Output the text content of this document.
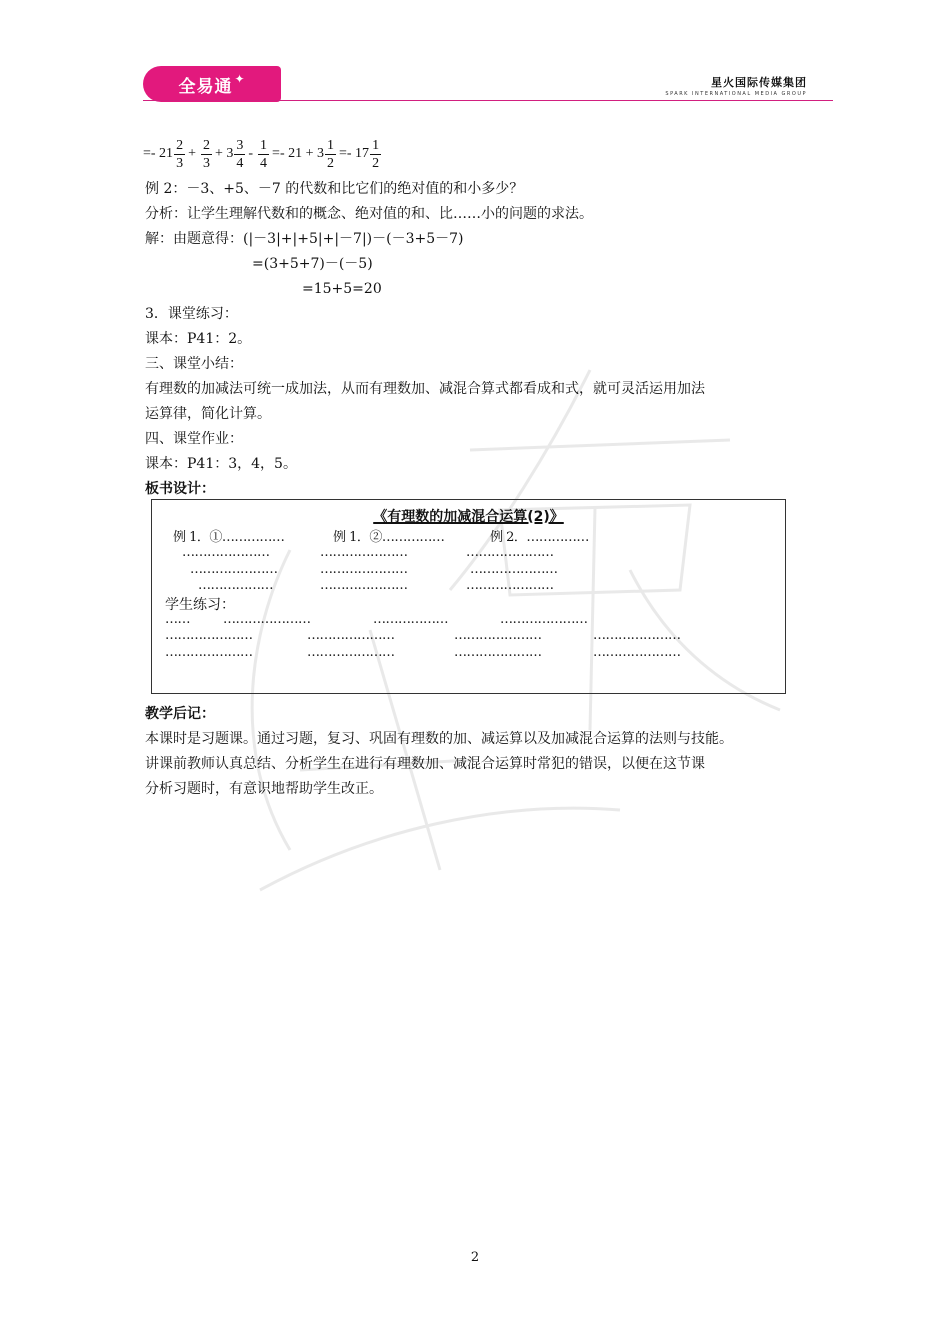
全易通 ✦	星火国际传媒集团
SPARK INTERNATIONAL MEDIA GROUP
=- $21 \frac{2}{3} + \frac{2}{3} + 3 \frac{3}{4} - \frac{1}{4} =- 21 + 3 \frac{1}{2} =- 17 \frac{1}{2}$
例 2：－3、+5、－7 的代数和比它们的绝对值的和小多少？
分析：让学生理解代数和的概念、绝对值的和、比……小的问题的求法。
解：由题意得：(|－3|+|+5|+|－7|)－(－3+5－7)
=(3+5+7)－(－5)
=15+5=20
3．课堂练习：
课本：P41：2。
三、课堂小结：
有理数的加减法可统一成加法，从而有理数加、减混合算式都看成和式，就可灵活运用加法
运算律，简化计算。
四、课堂作业：
课本：P41：3，4，5。
板书设计：
《有理数的加减混合运算(2)》
例 1．①……………	例 1．②……………	例 2．……………
…………………	…………………	…………………
…………………	…………………	…………………
………………	…………………	…………………
学生练习：
……	…………………	………………	…………………
…………………	…………………	…………………	…………………
…………………	…………………	…………………	…………………
教学后记：
本课时是习题课。通过习题，复习、巩固有理数的加、减运算以及加减混合运算的法则与技能。
讲课前教师认真总结、分析学生在进行有理数加、减混合运算时常犯的错误，以便在这节课
分析习题时，有意识地帮助学生改正。
2
